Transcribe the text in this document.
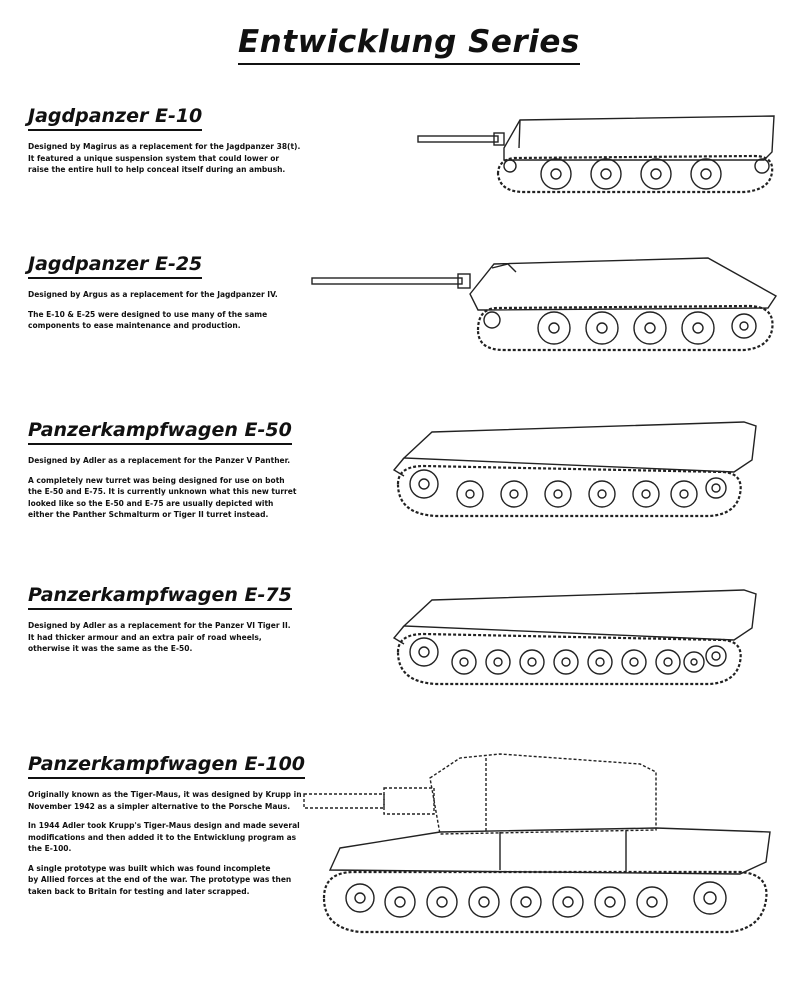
Entwicklung Series
Jagdpanzer E-10

Designed by Magirus as a replacement for the Jagdpanzer 38(t).
It featured a unique suspension system that could lower or
raise the entire hull to help conceal itself during an ambush.

Jagdpanzer E-25

Designed by Argus as a replacement for the Jagdpanzer IV.

The E-10 & E-25 were designed to use many of the same
components to ease maintenance and production.

Panzerkampfwagen E-50

Designed by Adler as a replacement for the Panzer V Panther.

A completely new turret was being designed for use on both
the E-50 and E-75. It is currently unknown what this new turret
looked like so the E-50 and E-75 are usually depicted with
either the Panther Schmalturm or Tiger II turret instead.

Panzerkampfwagen E-75

Designed by Adler as a replacement for the Panzer VI Tiger II.
It had thicker armour and an extra pair of road wheels,
otherwise it was the same as the E-50.

Panzerkampfwagen E-100

Originally known as the Tiger-Maus, it was designed by Krupp in
November 1942 as a simpler alternative to the Porsche Maus.

In 1944 Adler took Krupp's Tiger-Maus design and made several
modifications and then added it to the Entwicklung program as
the E-100.

A single prototype was built which was found incomplete
by Allied forces at the end of the war. The prototype was then
taken back to Britain for testing and later scrapped.
